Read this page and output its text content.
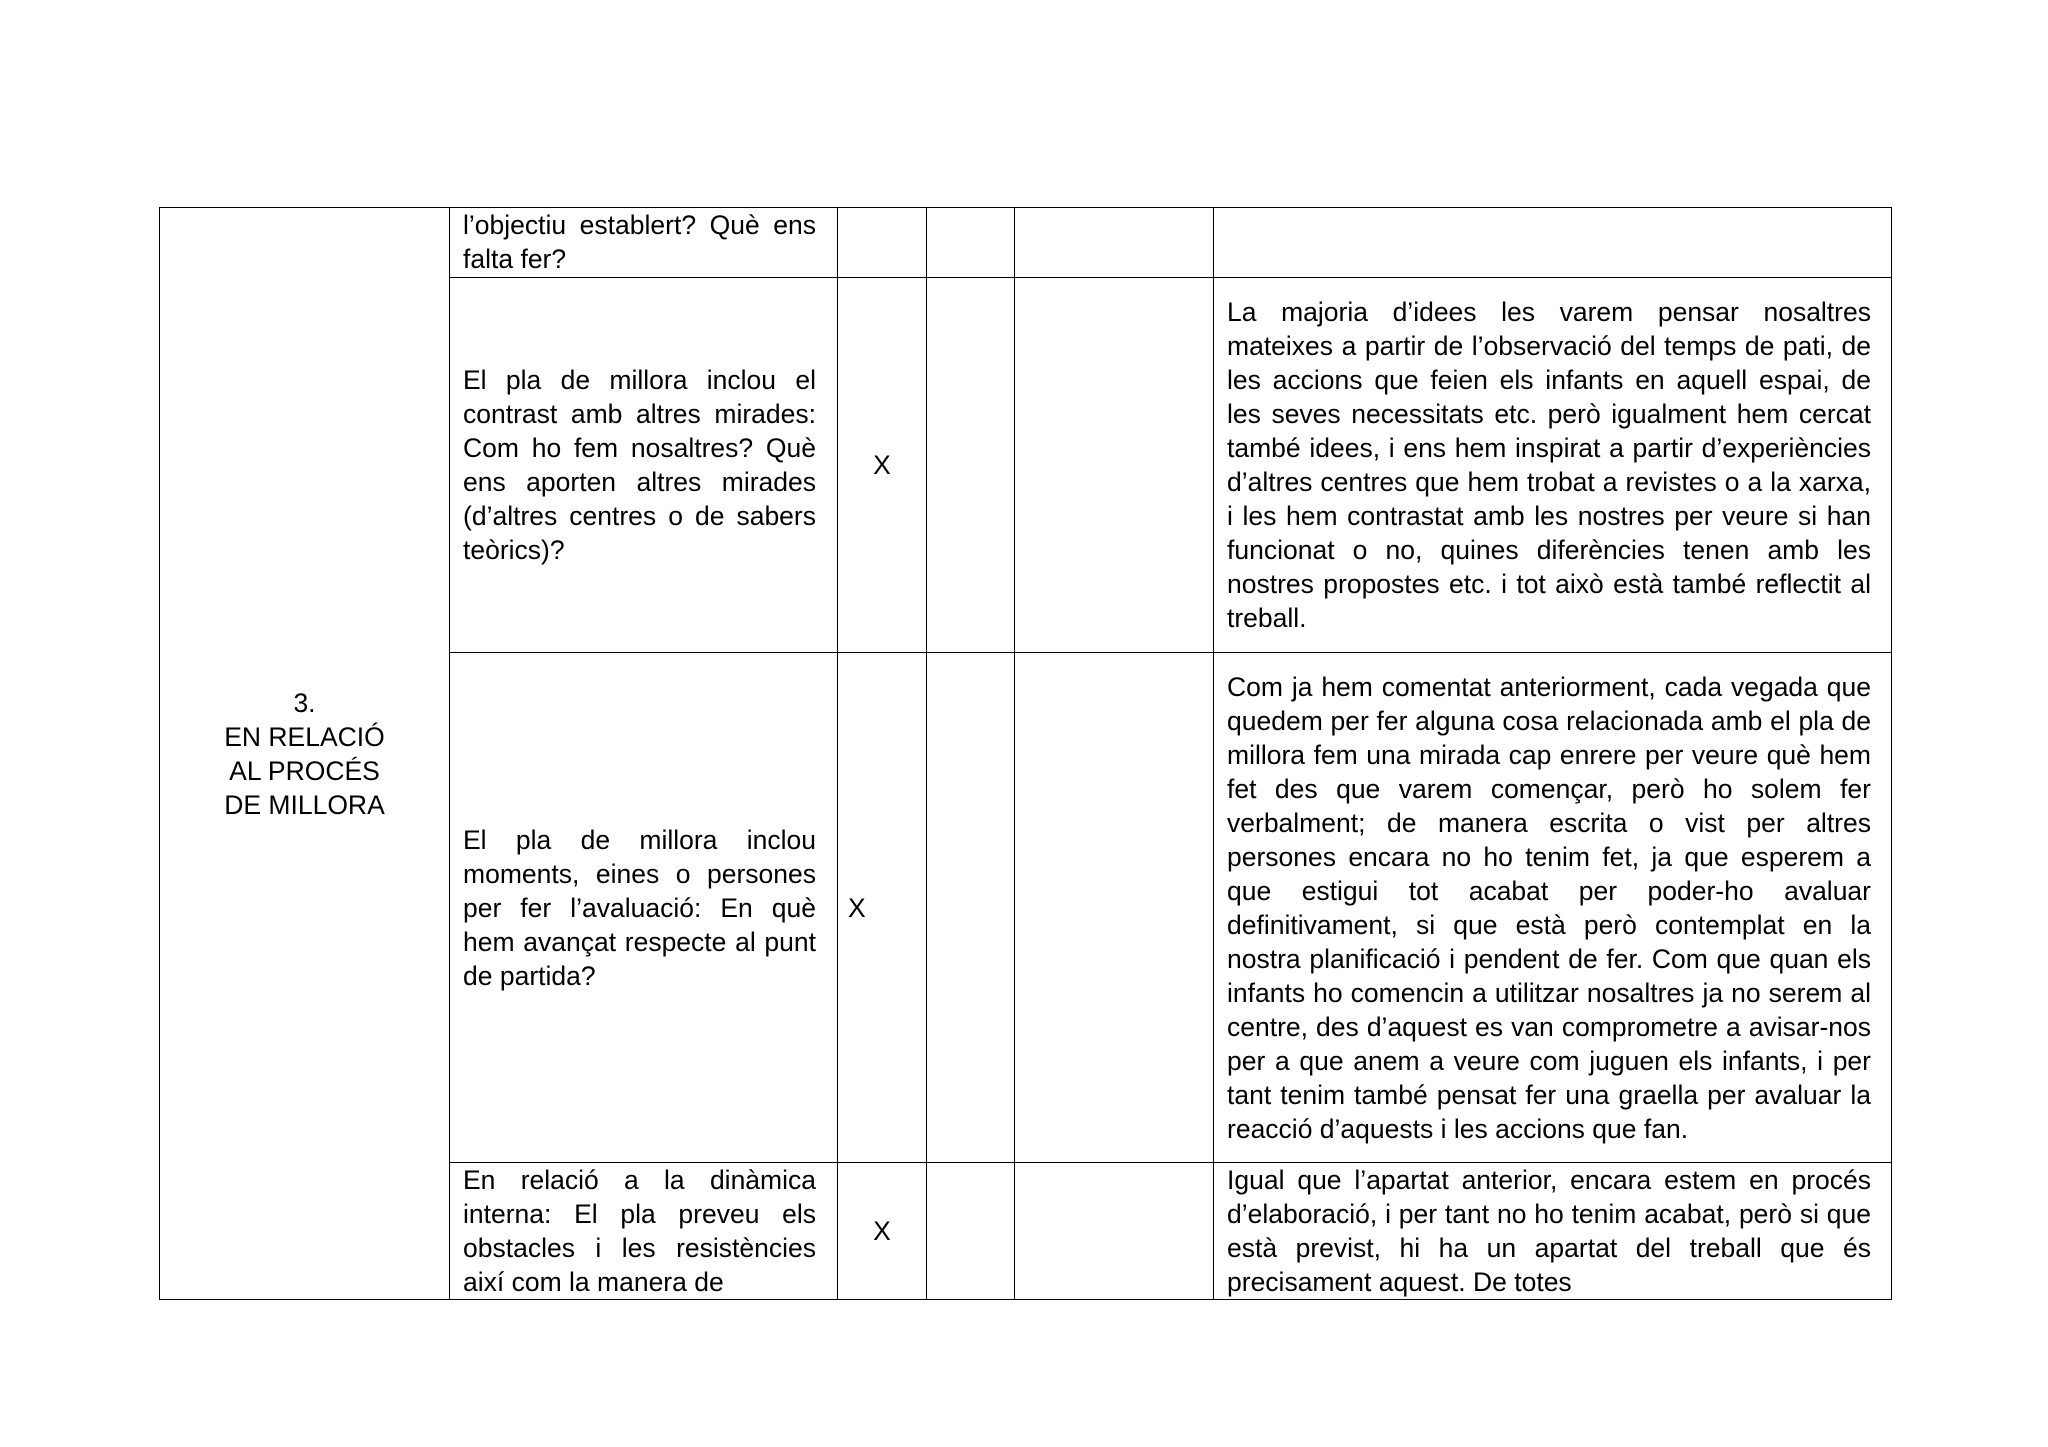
3.
EN RELACIÓ
AL PROCÉS
DE MILLORA	l’objectiu establert? Què ens falta fer?				
	El pla de millora inclou el contrast amb altres mirades: Com ho fem nosaltres? Què ens aporten altres mirades (d’altres centres o de sabers teòrics)?	X			La majoria d’idees les varem pensar nosaltres mateixes a partir de l’observació del temps de pati, de les accions que feien els infants en aquell espai, de les seves necessitats etc. però igualment hem cercat també idees, i ens hem inspirat a partir d’experiències d’altres centres que hem trobat a revistes o a la xarxa, i les hem contrastat amb les nostres per veure si han funcionat o no, quines diferències tenen amb les nostres propostes etc. i tot això està també reflectit al treball.
	El pla de millora inclou moments, eines o persones per fer l’avaluació: En què hem avançat respecte al punt de partida?	X			Com ja hem comentat anteriorment, cada vegada que quedem per fer alguna cosa relacionada amb el pla de millora fem una mirada cap enrere per veure què hem fet des que varem començar, però ho solem fer verbalment; de manera escrita o vist per altres persones encara no ho tenim fet, ja que esperem a que estigui tot acabat per poder-ho avaluar definitivament, si que està però contemplat en la nostra planificació i pendent de fer. Com que quan els infants ho comencin a utilitzar nosaltres ja no serem al centre, des d’aquest es van comprometre a avisar-nos per a que anem a veure com juguen els infants, i per tant tenim també pensat fer una graella per avaluar la reacció d’aquests i les accions que fan.
	En relació a la dinàmica interna: El pla preveu els obstacles i les resistències així com la manera de	X			Igual que l’apartat anterior, encara estem en procés d’elaboració, i per tant no ho tenim acabat, però si que està previst, hi ha un apartat del treball que és precisament aquest. De totes
